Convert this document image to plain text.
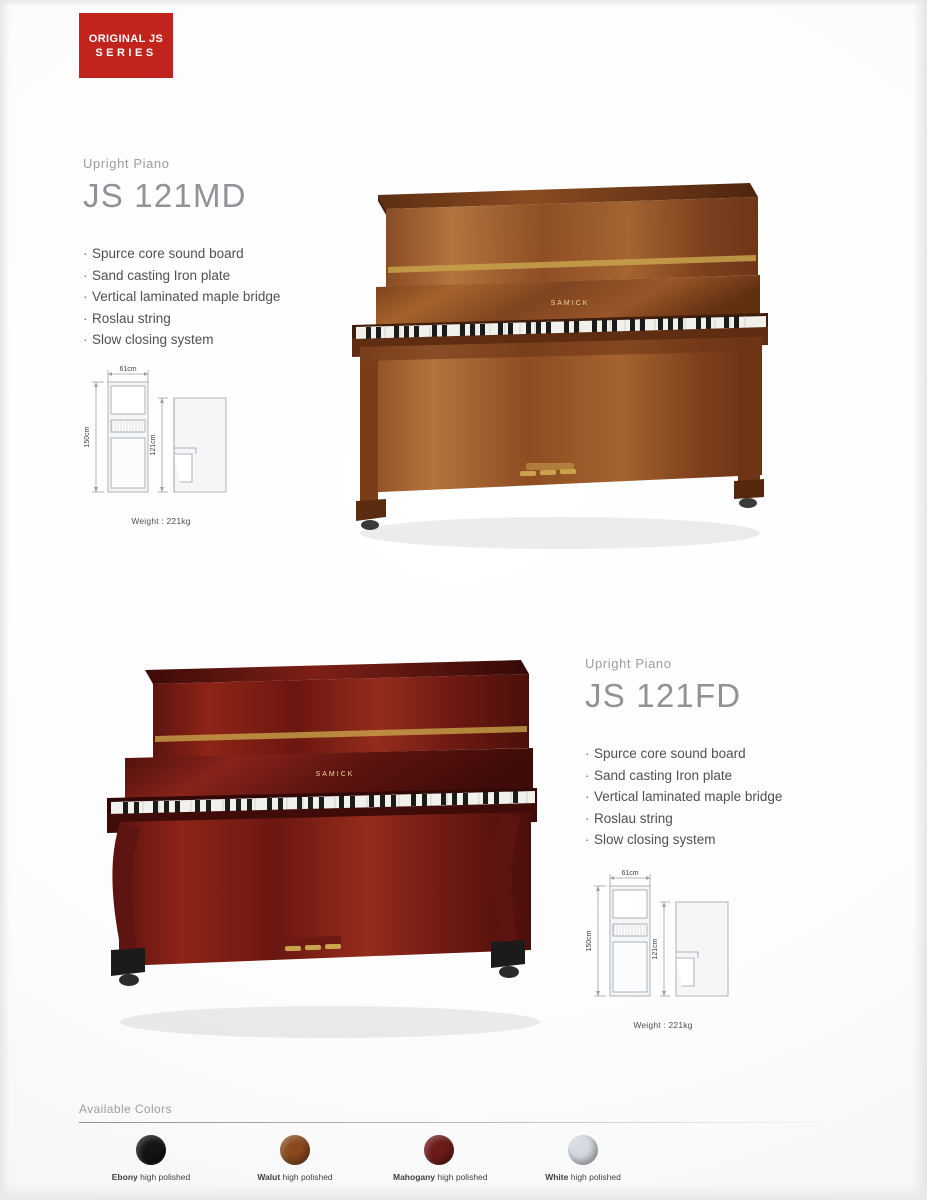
ORIGINAL JS
SERIES
Upright Piano
JS 121MD
· Spurce core sound board
· Sand casting Iron plate
· Vertical laminated maple bridge
· Roslau string
· Slow closing system
61cm
150cm	121cm
Weight : 221kg
SAMICK
Upright Piano
JS 121FD
· Spurce core sound board
· Sand casting Iron plate
· Vertical laminated maple bridge
· Roslau string
· Slow closing system
61cm
150cm	121cm
Weight : 221kg
SAMICK
Available Colors
Ebony high polished	Walut high polished	Mahogany high polished	White high polished
